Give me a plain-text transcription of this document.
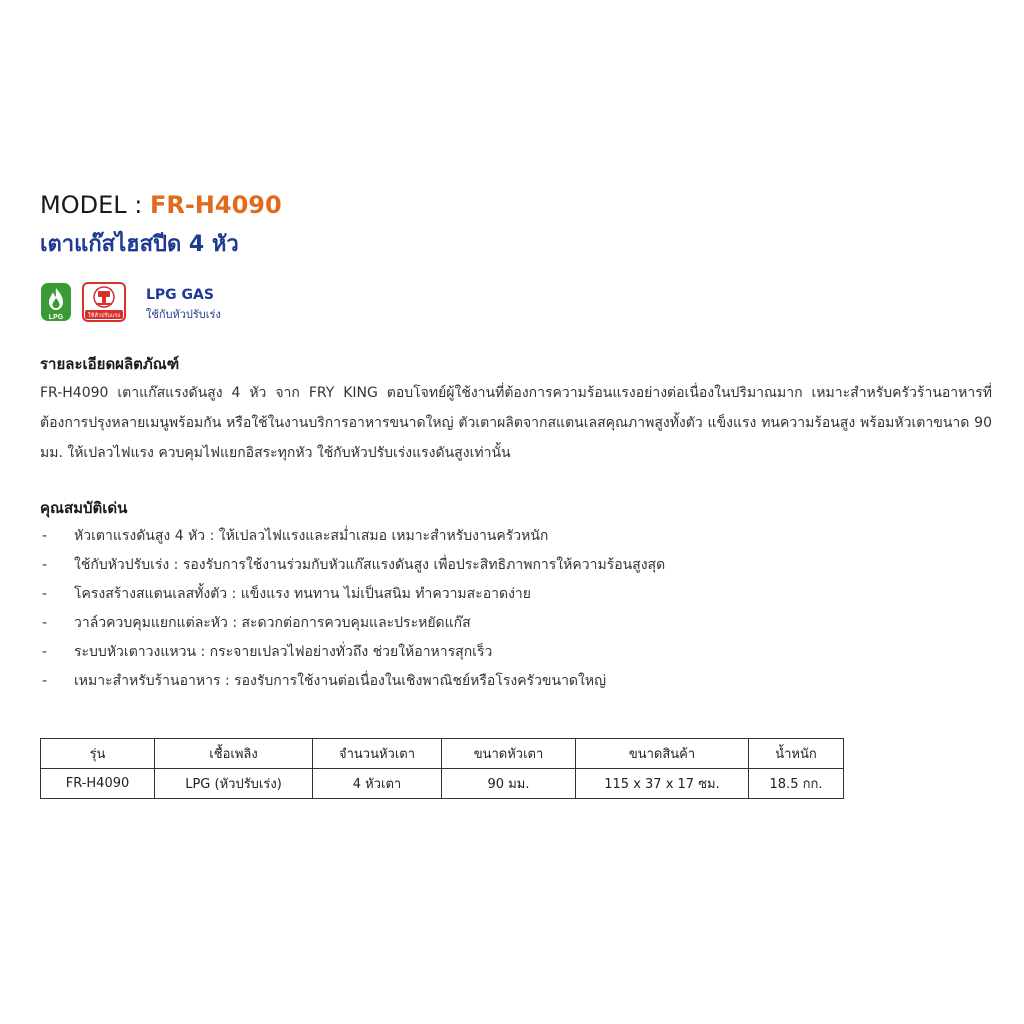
MODEL : FR-H4090
เตาแก๊สไฮสปีด 4 หัว
LPG	ใช้หัวปรับแรง
LPG GAS
ใช้กับหัวปรับเร่ง
รายละเอียดผลิตภัณฑ์

FR-H4090 เตาแก๊สแรงดันสูง 4 หัว จาก FRY KING ตอบโจทย์ผู้ใช้งานที่ต้องการความร้อนแรงอย่างต่อเนื่องในปริมาณมาก เหมาะสำหรับครัวร้านอาหารที่ต้องการปรุงหลายเมนูพร้อมกัน หรือใช้ในงานบริการอาหารขนาดใหญ่ ตัวเตาผลิตจากสแตนเลสคุณภาพสูงทั้งตัว แข็งแรง ทนความร้อนสูง พร้อมหัวเตาขนาด 90 มม. ให้เปลวไฟแรง ควบคุมไฟแยกอิสระทุกหัว ใช้กับหัวปรับเร่งแรงดันสูงเท่านั้น

คุณสมบัติเด่น
- หัวเตาแรงดันสูง 4 หัว : ให้เปลวไฟแรงและสม่ำเสมอ เหมาะสำหรับงานครัวหนัก
- ใช้กับหัวปรับเร่ง : รองรับการใช้งานร่วมกับหัวแก๊สแรงดันสูง เพื่อประสิทธิภาพการให้ความร้อนสูงสุด
- โครงสร้างสแตนเลสทั้งตัว : แข็งแรง ทนทาน ไม่เป็นสนิม ทำความสะอาดง่าย
- วาล์วควบคุมแยกแต่ละหัว : สะดวกต่อการควบคุมและประหยัดแก๊ส
- ระบบหัวเตาวงแหวน : กระจายเปลวไฟอย่างทั่วถึง ช่วยให้อาหารสุกเร็ว
- เหมาะสำหรับร้านอาหาร : รองรับการใช้งานต่อเนื่องในเชิงพาณิชย์หรือโรงครัวขนาดใหญ่
รุ่น	เชื้อเพลิง	จำนวนหัวเตา	ขนาดหัวเตา	ขนาดสินค้า	น้ำหนัก
FR-H4090	LPG (หัวปรับเร่ง)	4 หัวเตา	90 มม.	115 x 37 x 17 ซม.	18.5 กก.
